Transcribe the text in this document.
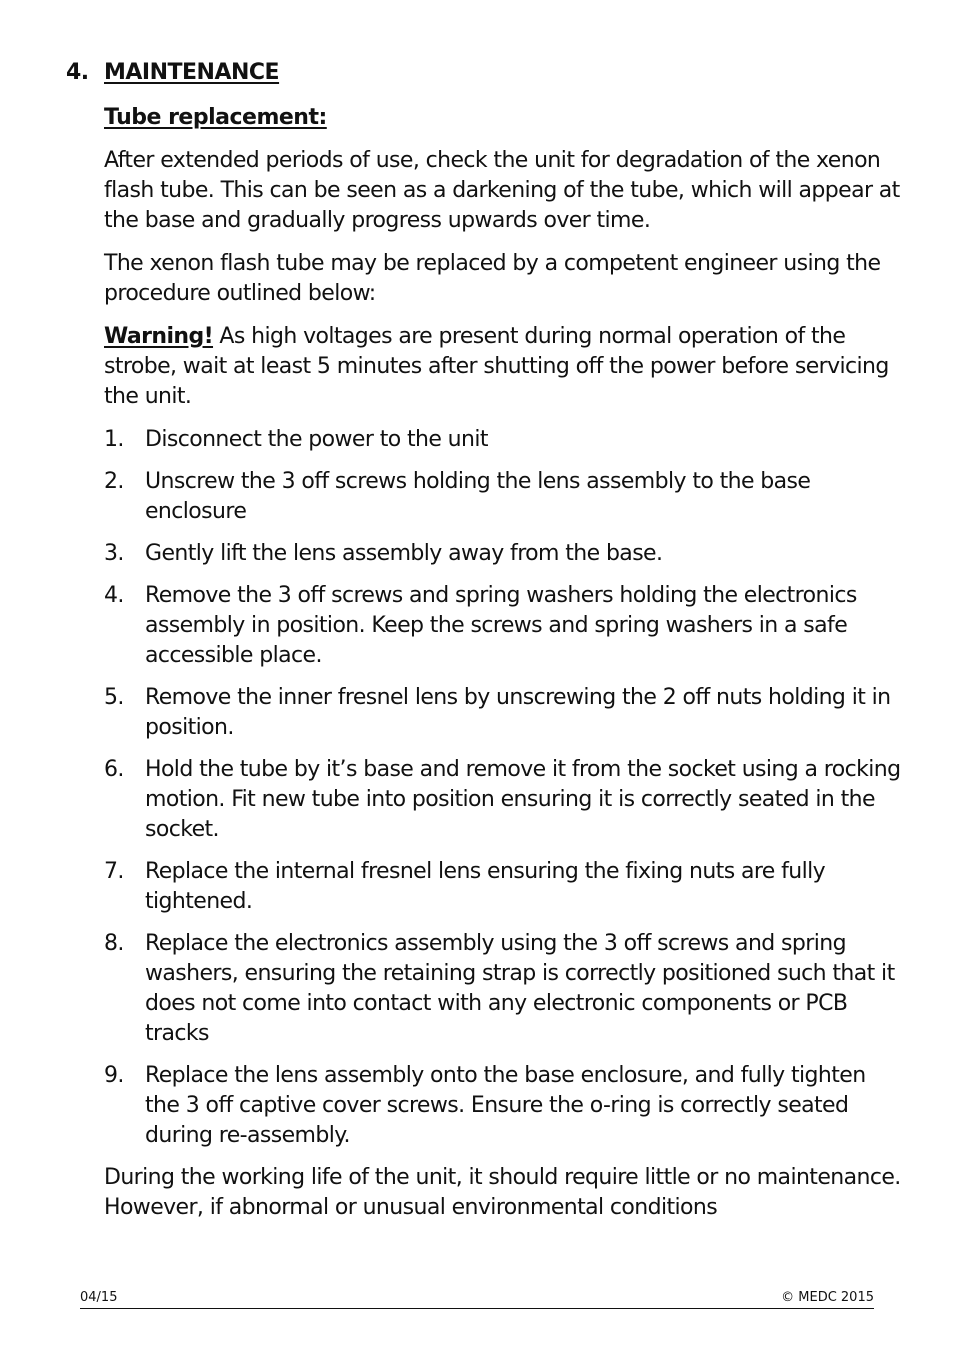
4. MAINTENANCE

Tube replacement:

After extended periods of use, check the unit for degradation of the xenon flash tube. This can be seen as a darkening of the tube, which will appear at the base and gradually progress upwards over time.

The xenon flash tube may be replaced by a competent engineer using the procedure outlined below:

Warning! As high voltages are present during normal operation of the strobe, wait at least 5 minutes after shutting off the power before servicing the unit.

1. Disconnect the power to the unit
2. Unscrew the 3 off screws holding the lens assembly to the base enclosure
3. Gently lift the lens assembly away from the base.
4. Remove the 3 off screws and spring washers holding the electronics assembly in position. Keep the screws and spring washers in a safe accessible place.
5. Remove the inner fresnel lens by unscrewing the 2 off nuts holding it in position.
6. Hold the tube by it’s base and remove it from the socket using a rocking motion. Fit new tube into position ensuring it is correctly seated in the socket.
7. Replace the internal fresnel lens ensuring the fixing nuts are fully tightened.
8. Replace the electronics assembly using the 3 off screws and spring washers, ensuring the retaining strap is correctly positioned such that it does not come into contact with any electronic components or PCB tracks
9. Replace the lens assembly onto the base enclosure, and fully tighten the 3 off captive cover screws. Ensure the o-ring is correctly seated during re-assembly.

During the working life of the unit, it should require little or no maintenance. However, if abnormal or unusual environmental conditions

04/15	© MEDC 2015
